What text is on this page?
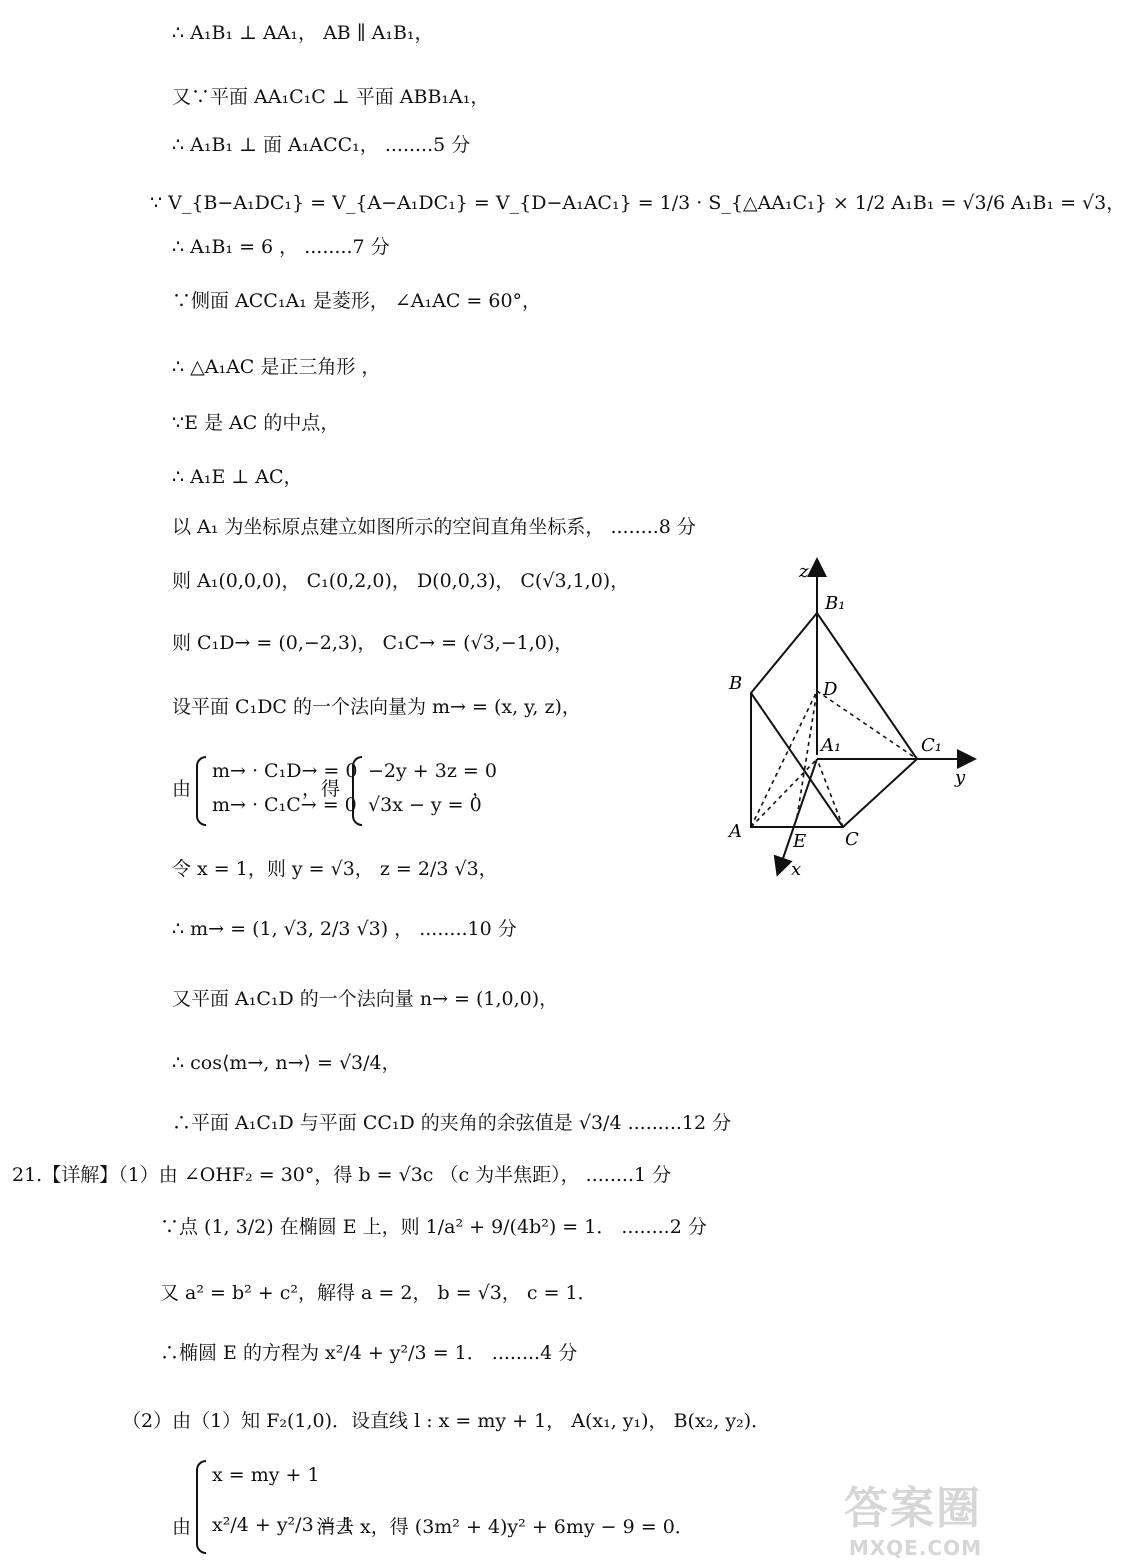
∴ A₁B₁ ⊥ AA₁， AB ∥ A₁B₁，
又∵平面 AA₁C₁C ⊥ 平面 ABB₁A₁，
∴ A₁B₁ ⊥ 面 A₁ACC₁， ........5 分
∵ V_{B−A₁DC₁} = V_{A−A₁DC₁} = V_{D−A₁AC₁} = 1/3 · S_{△AA₁C₁} × 1/2 A₁B₁ = √3/6 A₁B₁ = √3，
∴ A₁B₁ = 6 ， ........7 分
∵侧面 ACC₁A₁ 是菱形， ∠A₁AC = 60°，
∴ △A₁AC 是正三角形 ，
∵E 是 AC 的中点，
∴ A₁E ⊥ AC，
以 A₁ 为坐标原点建立如图所示的空间直角坐标系， ........8 分
则 A₁(0,0,0)， C₁(0,2,0)， D(0,0,3)， C(√3,1,0)，
则 C₁D→ = (0,−2,3)， C₁C→ = (√3,−1,0)，
设平面 C₁DC 的一个法向量为 m→ = (x, y, z)，
由
m→ · C₁D→ = 0
m→ · C₁C→ = 0
，得
−2y + 3z = 0
√3x − y = 0
，
令 x = 1，则 y = √3， z = 2/3 √3，
∴ m→ = (1, √3, 2/3 √3) ， ........10 分
又平面 A₁C₁D 的一个法向量 n→ = (1,0,0)，
∴ cos⟨m→, n→⟩ = √3/4，
∴平面 A₁C₁D 与平面 CC₁D 的夹角的余弦值是 √3/4 .........12 分
21.【详解】（1）由 ∠OHF₂ = 30°，得 b = √3c （c 为半焦距）， ........1 分
∵点 (1, 3/2) 在椭圆 E 上，则 1/a² + 9/(4b²) = 1． ........2 分
又 a² = b² + c²，解得 a = 2， b = √3， c = 1．
∴椭圆 E 的方程为 x²/4 + y²/3 = 1． ........4 分
（2）由（1）知 F₂(1,0)．设直线 l : x = my + 1， A(x₁, y₁)， B(x₂, y₂)．
由
x = my + 1
x²/4 + y²/3 = 1
消去 x，得 (3m² + 4)y² + 6my − 9 = 0．
z
B₁
B	D
A₁	C₁
y
A	E C
x
答案圈
MXQE.COM
